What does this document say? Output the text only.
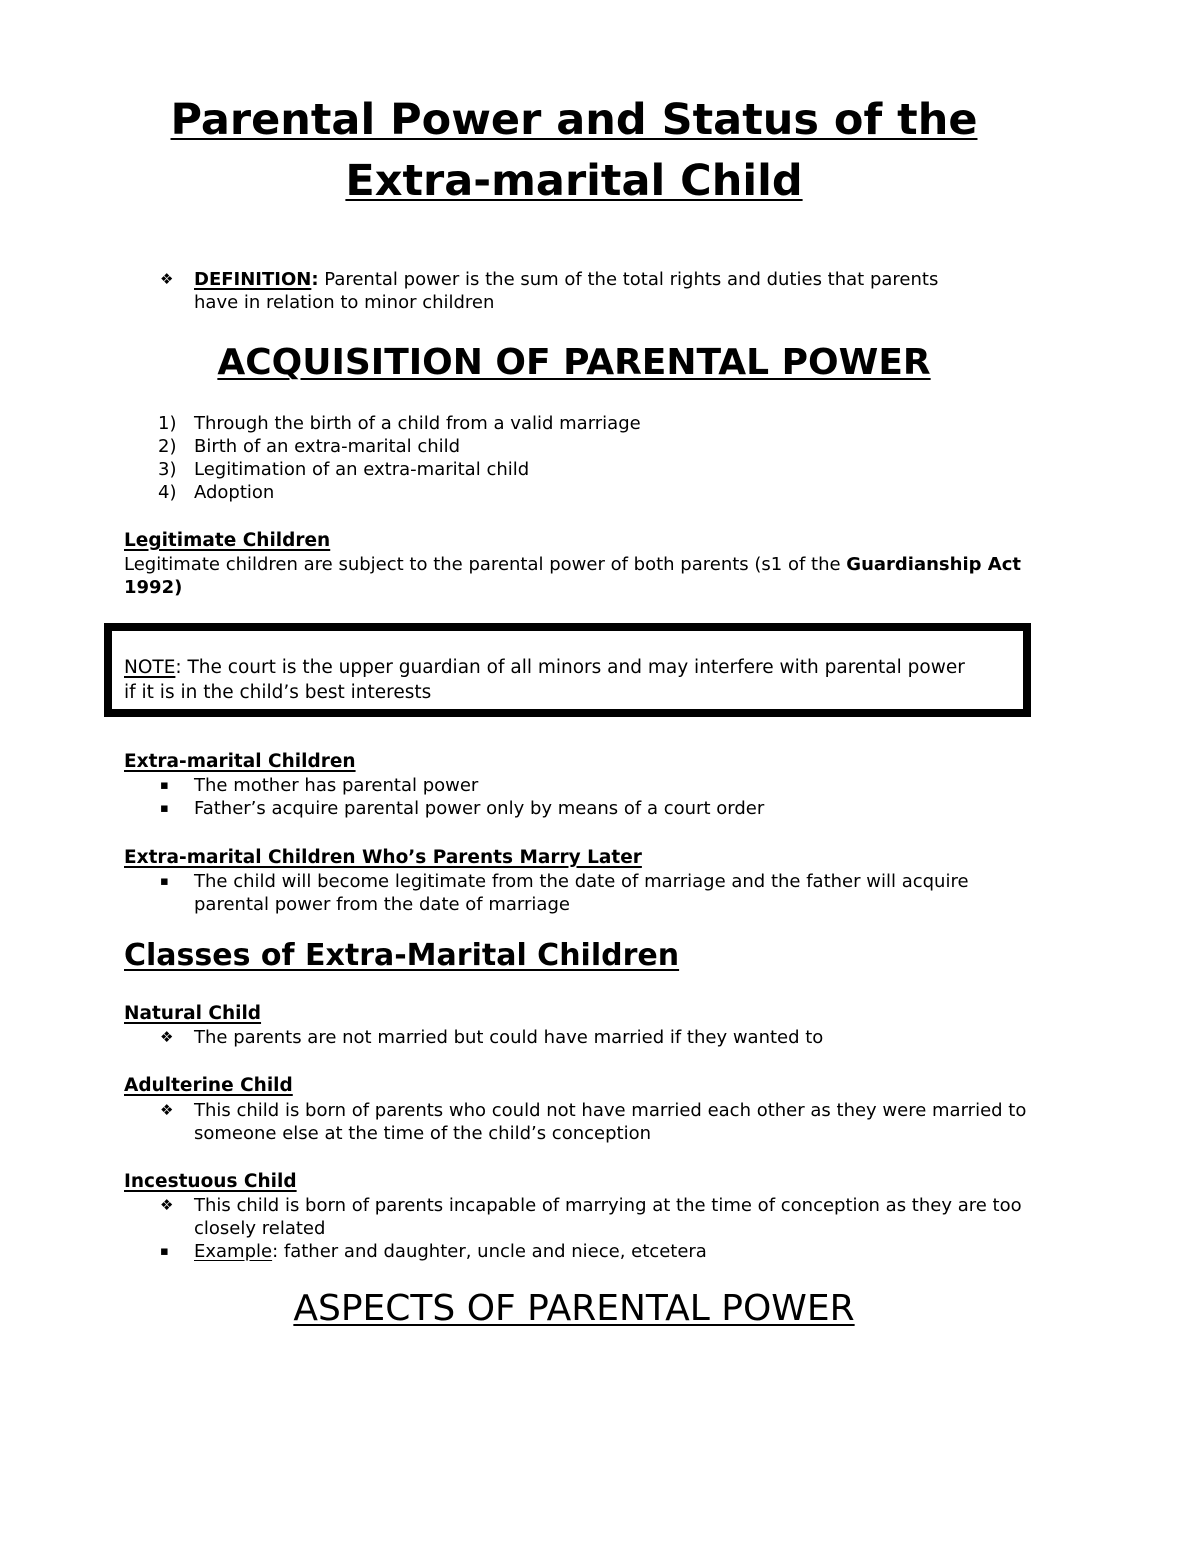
Parental Power and Status of the
Extra-marital Child
❖	DEFINITION: Parental power is the sum of the total rights and duties that parents
have in relation to minor children
ACQUISITION OF PARENTAL POWER
1) Through the birth of a child from a valid marriage
2) Birth of an extra-marital child
3) Legitimation of an extra-marital child
4) Adoption
Legitimate Children
Legitimate children are subject to the parental power of both parents (s1 of the Guardianship Act
1992)
NOTE: The court is the upper guardian of all minors and may interfere with parental power
if it is in the child’s best interests
Extra-marital Children
▪	The mother has parental power
▪	Father’s acquire parental power only by means of a court order
Extra-marital Children Who’s Parents Marry Later
▪	The child will become legitimate from the date of marriage and the father will acquire
parental power from the date of marriage
Classes of Extra-Marital Children
Natural Child
❖	The parents are not married but could have married if they wanted to
Adulterine Child
❖	This child is born of parents who could not have married each other as they were married to
someone else at the time of the child’s conception
Incestuous Child
❖	This child is born of parents incapable of marrying at the time of conception as they are too
closely related
▪	Example: father and daughter, uncle and niece, etcetera
ASPECTS OF PARENTAL POWER
